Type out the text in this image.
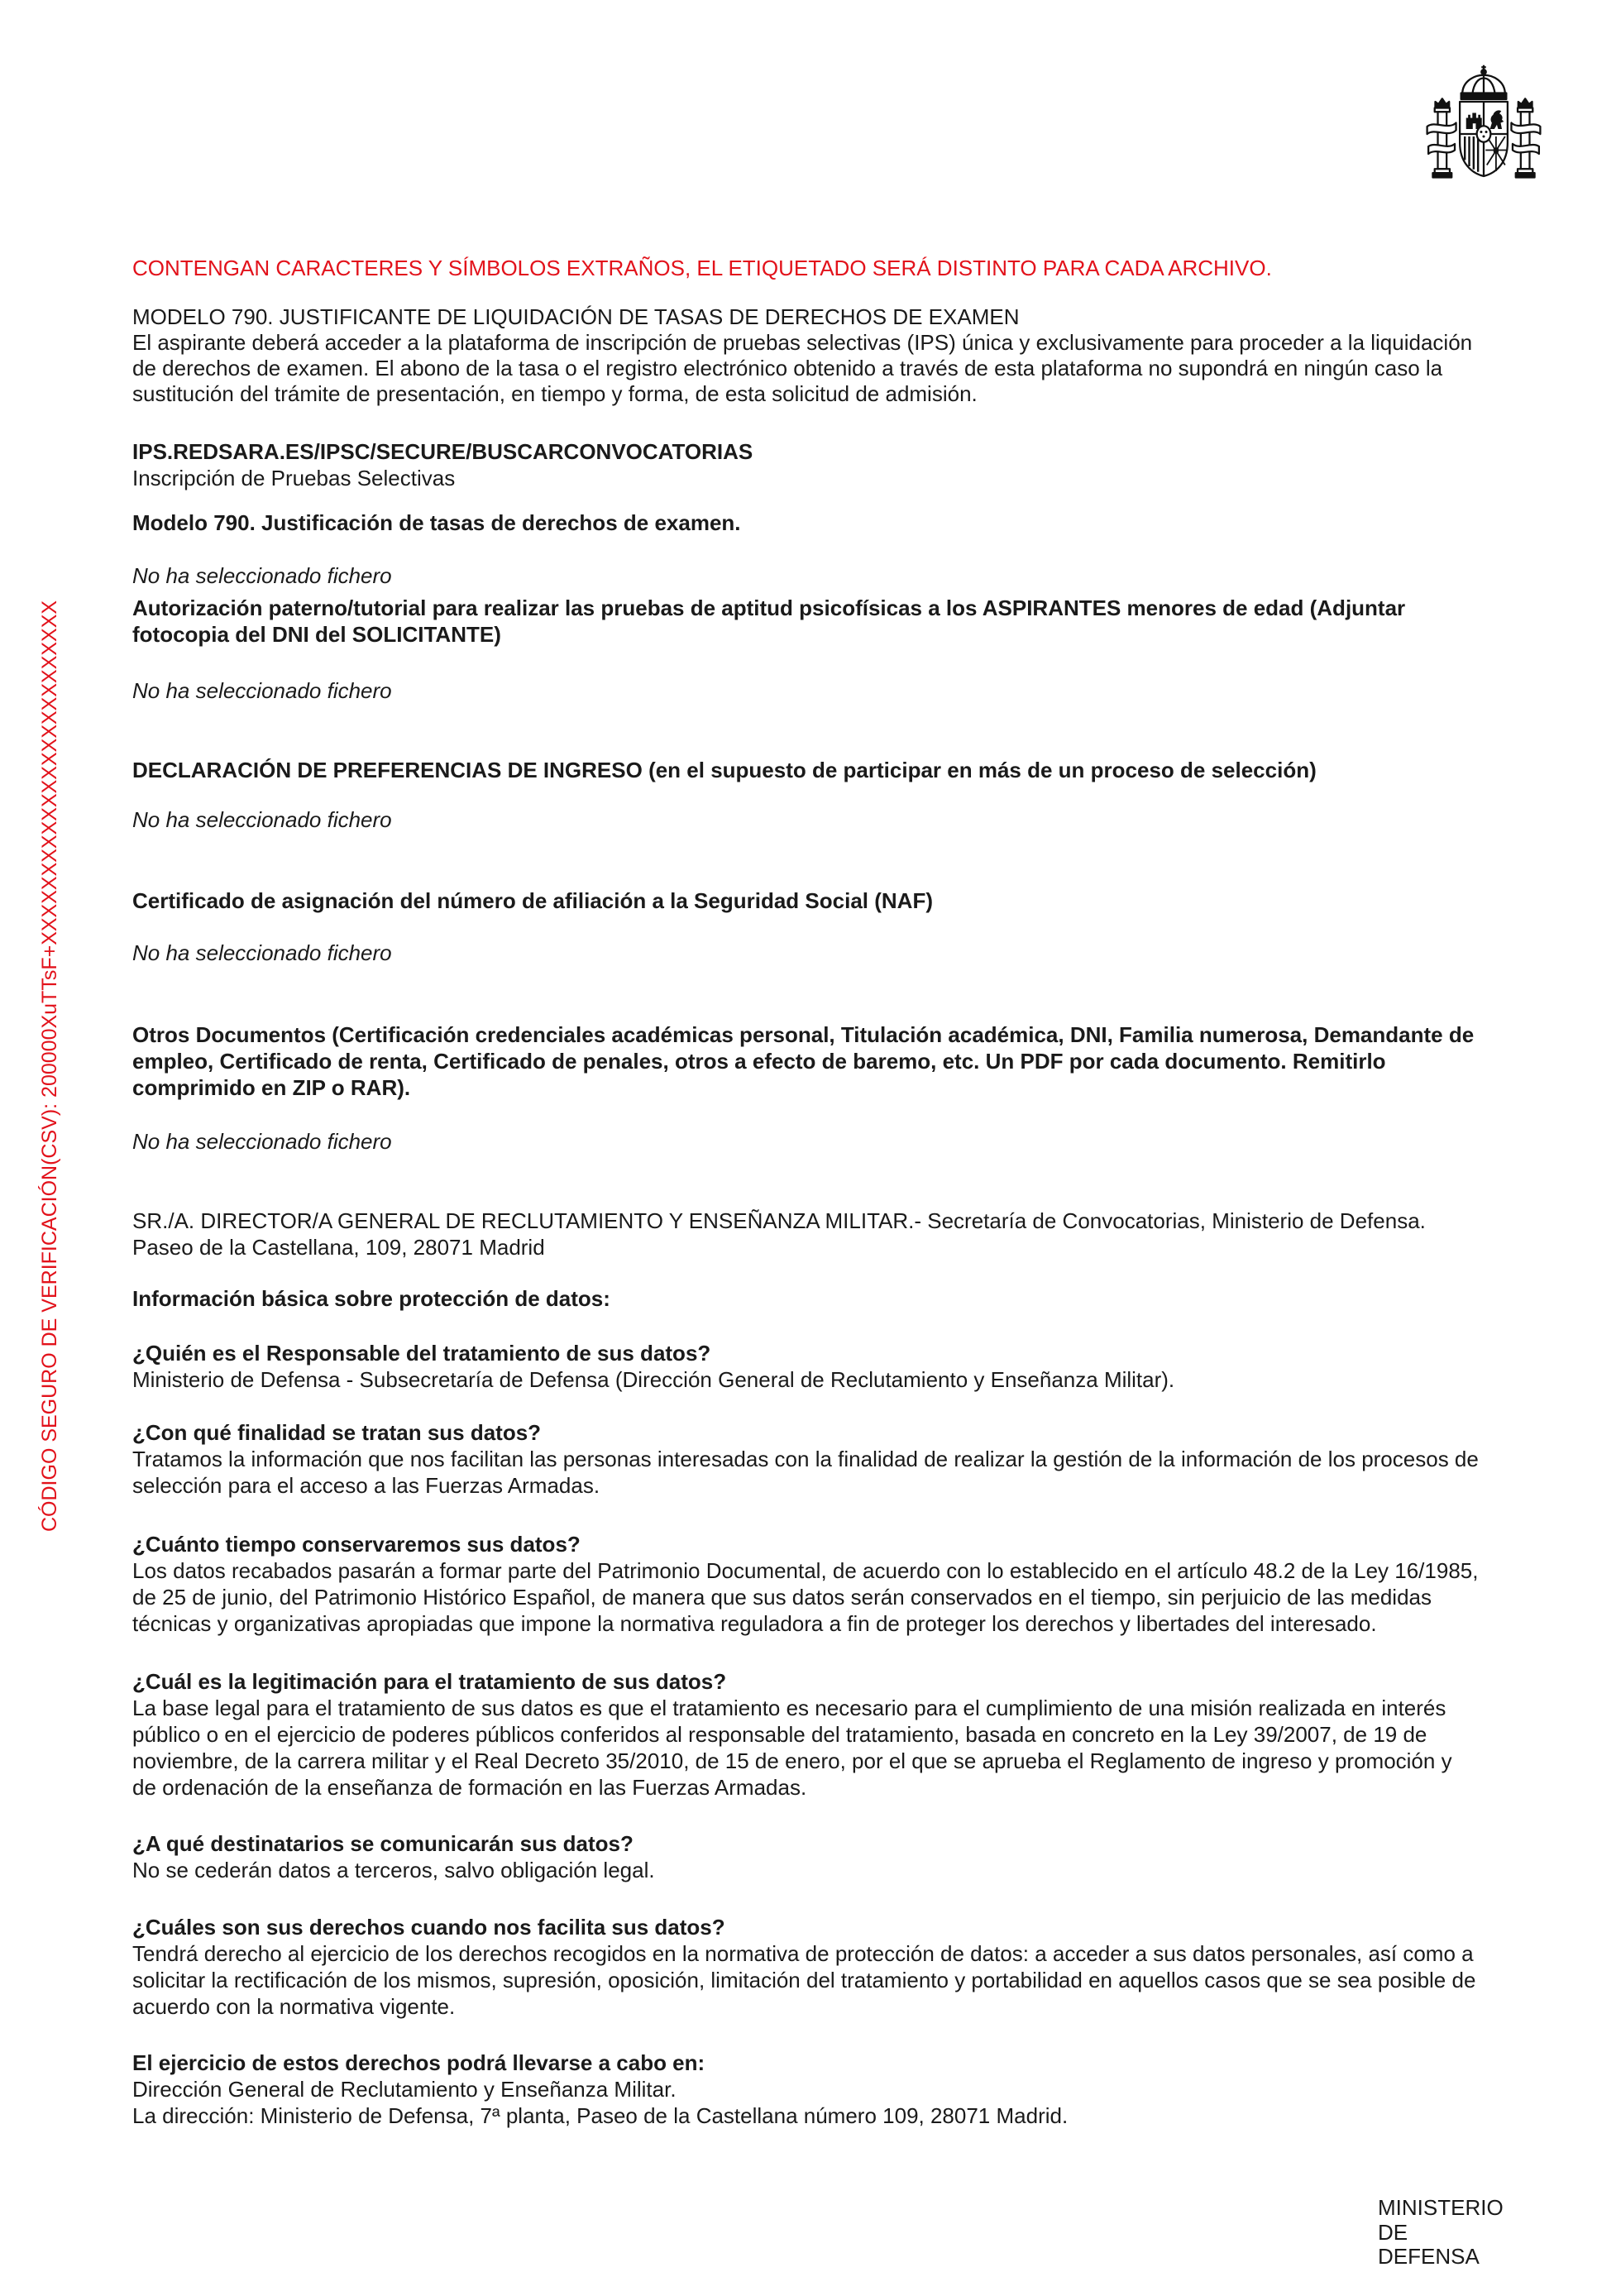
CÓDIGO SEGURO DE VERIFICACIÓN(CSV): 200000XuTTsF+XXXXXXXXXXXXXXXXXXXXXXXXX
CONTENGAN CARACTERES Y SÍMBOLOS EXTRAÑOS, EL ETIQUETADO SERÁ DISTINTO PARA CADA ARCHIVO.
MODELO 790. JUSTIFICANTE DE LIQUIDACIÓN DE TASAS DE DERECHOS DE EXAMEN
El aspirante deberá acceder a la plataforma de inscripción de pruebas selectivas (IPS) única y exclusivamente para proceder a la liquidación
de derechos de examen. El abono de la tasa o el registro electrónico obtenido a través de esta plataforma no supondrá en ningún caso la
sustitución del trámite de presentación, en tiempo y forma, de esta solicitud de admisión.
IPS.REDSARA.ES/IPSC/SECURE/BUSCARCONVOCATORIAS
Inscripción de Pruebas Selectivas
Modelo 790. Justificación de tasas de derechos de examen.
No ha seleccionado fichero
Autorización paterno/tutorial para realizar las pruebas de aptitud psicofísicas a los ASPIRANTES menores de edad (Adjuntar
fotocopia del DNI del SOLICITANTE)
No ha seleccionado fichero
DECLARACIÓN DE PREFERENCIAS DE INGRESO (en el supuesto de participar en más de un proceso de selección)
No ha seleccionado fichero
Certificado de asignación del número de afiliación a la Seguridad Social (NAF)
No ha seleccionado fichero
Otros Documentos (Certificación credenciales académicas personal, Titulación académica, DNI, Familia numerosa, Demandante de
empleo, Certificado de renta, Certificado de penales, otros a efecto de baremo, etc. Un PDF por cada documento. Remitirlo
comprimido en ZIP o RAR).
No ha seleccionado fichero
SR./A. DIRECTOR/A GENERAL DE RECLUTAMIENTO Y ENSEÑANZA MILITAR.- Secretaría de Convocatorias, Ministerio de Defensa.
Paseo de la Castellana, 109, 28071 Madrid
Información básica sobre protección de datos:
¿Quién es el Responsable del tratamiento de sus datos?
Ministerio de Defensa - Subsecretaría de Defensa (Dirección General de Reclutamiento y Enseñanza Militar).
¿Con qué finalidad se tratan sus datos?
Tratamos la información que nos facilitan las personas interesadas con la finalidad de realizar la gestión de la información de los procesos de
selección para el acceso a las Fuerzas Armadas.
¿Cuánto tiempo conservaremos sus datos?
Los datos recabados pasarán a formar parte del Patrimonio Documental, de acuerdo con lo establecido en el artículo 48.2 de la Ley 16/1985,
de 25 de junio, del Patrimonio Histórico Español, de manera que sus datos serán conservados en el tiempo, sin perjuicio de las medidas
técnicas y organizativas apropiadas que impone la normativa reguladora a fin de proteger los derechos y libertades del interesado.
¿Cuál es la legitimación para el tratamiento de sus datos?
La base legal para el tratamiento de sus datos es que el tratamiento es necesario para el cumplimiento de una misión realizada en interés
público o en el ejercicio de poderes públicos conferidos al responsable del tratamiento, basada en concreto en la Ley 39/2007, de 19 de
noviembre, de la carrera militar y el Real Decreto 35/2010, de 15 de enero, por el que se aprueba el Reglamento de ingreso y promoción y
de ordenación de la enseñanza de formación en las Fuerzas Armadas.
¿A qué destinatarios se comunicarán sus datos?
No se cederán datos a terceros, salvo obligación legal.
¿Cuáles son sus derechos cuando nos facilita sus datos?
Tendrá derecho al ejercicio de los derechos recogidos en la normativa de protección de datos: a acceder a sus datos personales, así como a
solicitar la rectificación de los mismos, supresión, oposición, limitación del tratamiento y portabilidad en aquellos casos que se sea posible de
acuerdo con la normativa vigente.
El ejercicio de estos derechos podrá llevarse a cabo en:
Dirección General de Reclutamiento y Enseñanza Militar.
La dirección: Ministerio de Defensa, 7ª planta, Paseo de la Castellana número 109, 28071 Madrid.
MINISTERIO
DE
DEFENSA
